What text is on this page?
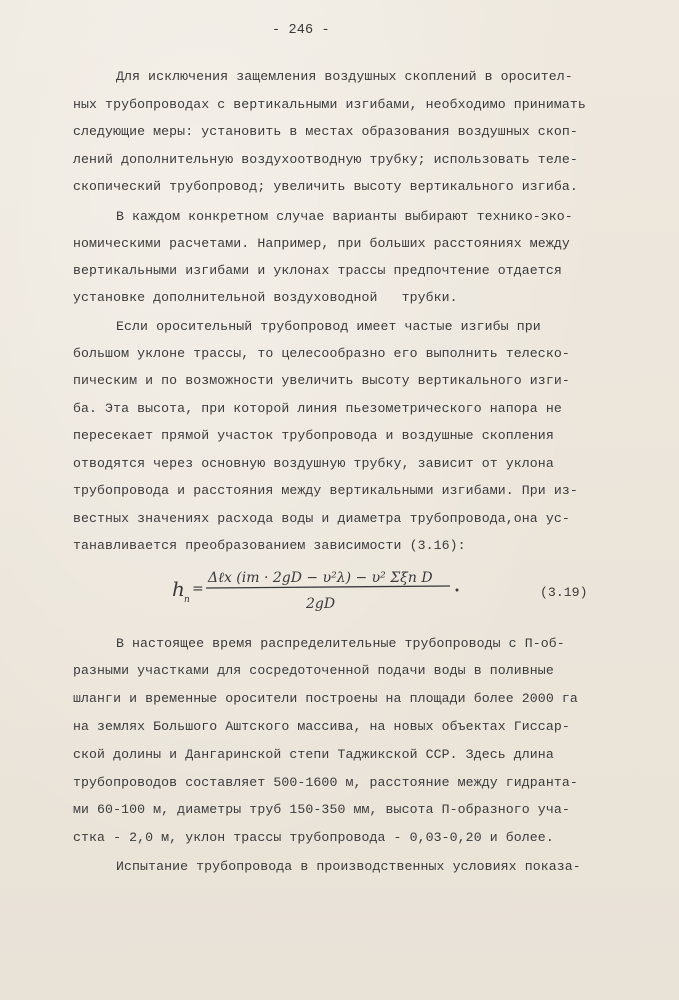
- 246 -
Для исключения защемления воздушных скоплений в оросител-
ных трубопроводах с вертикальными изгибами, необходимо принимать
следующие меры: установить в местах образования воздушных скоп-
лений дополнительную воздухоотводную трубку; использовать теле-
скопический трубопровод; увеличить высоту вертикального изгиба.
В каждом конкретном случае варианты выбирают технико-эко-
номическими расчетами. Например, при больших расстояниях между
вертикальными изгибами и уклонах трассы предпочтение отдается
установке дополнительной воздуховодной   трубки.
Если оросительный трубопровод имеет частые изгибы при
большом уклоне трассы, то целесообразно его выполнить телеско-
пическим и по возможности увеличить высоту вертикального изги-
ба. Эта высота, при которой линия пьезометрического напора не
пересекает прямой участок трубопровода и воздушные скопления
отводятся через основную воздушную трубку, зависит от уклона
трубопровода и расстояния между вертикальными изгибами. При из-
вестных значениях расхода воды и диаметра трубопровода,она ус-
танавливается преобразованием зависимости (3.16):
h п
=
Δℓx (iт · 2gD − υ²λ) − υ² Σξп D
2gD
(3.19)
В настоящее время распределительные трубопроводы с П-об-
разными участками для сосредоточенной подачи воды в поливные
шланги и временные оросители построены на площади более 2000 га
на землях Большого Аштского массива, на новых объектах Гиссар-
ской долины и Дангаринской степи Таджикской ССР. Здесь длина
трубопроводов составляет 500-1600 м, расстояние между гидранта-
ми 60-100 м, диаметры труб 150-350 мм, высота П-образного уча-
стка - 2,0 м, уклон трассы трубопровода - 0,03-0,20 и более.
Испытание трубопровода в производственных условиях показа-
